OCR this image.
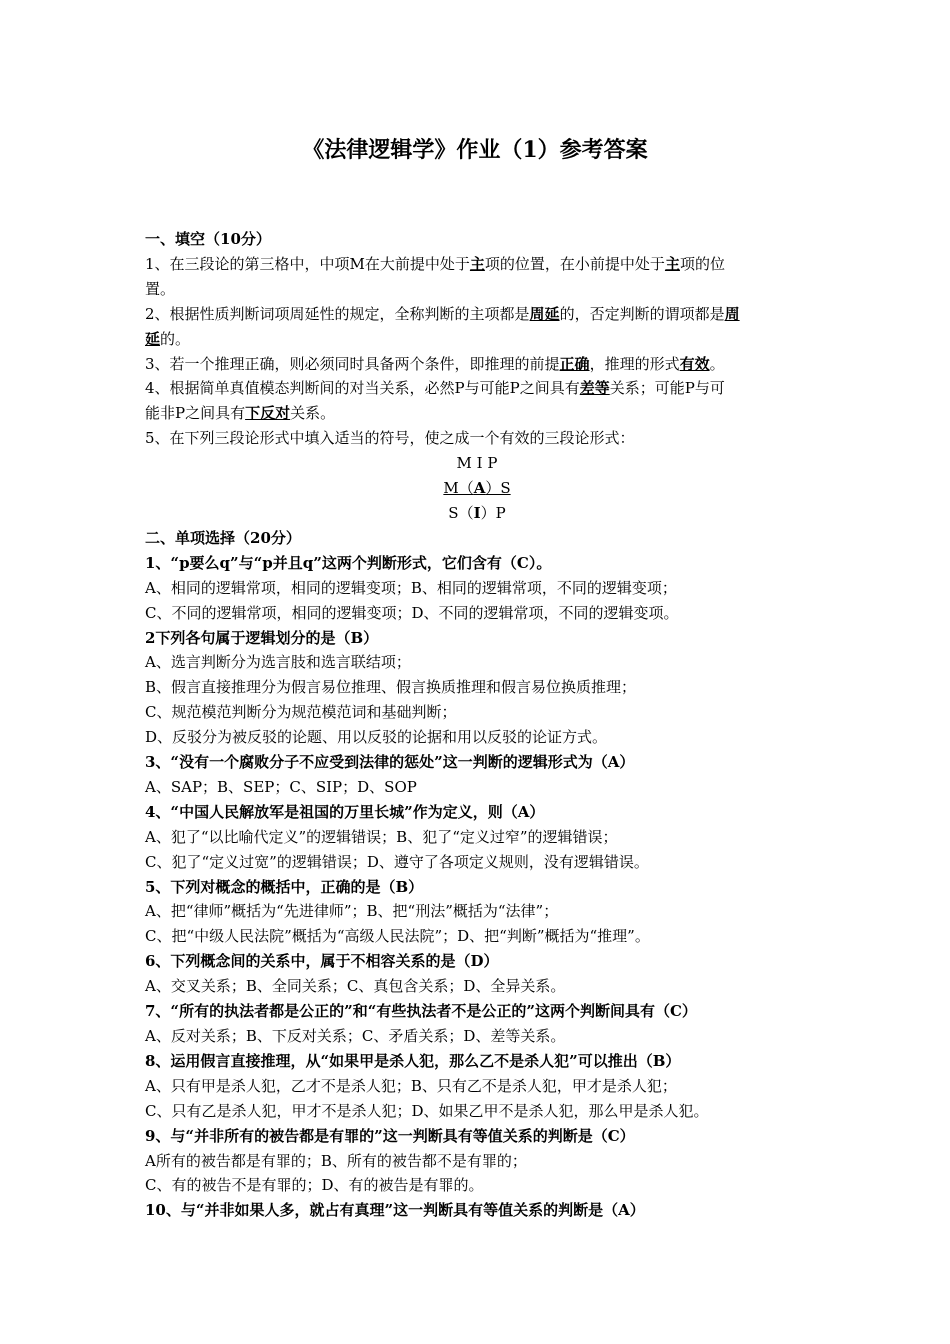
《法律逻辑学》作业（1）参考答案
一、填空（10分）
1、在三段论的第三格中，中项M在大前提中处于主项的位置，在小前提中处于主项的位
置。
2、根据性质判断词项周延性的规定，全称判断的主项都是周延的，否定判断的谓项都是周
延的。
3、若一个推理正确，则必须同时具备两个条件，即推理的前提正确，推理的形式有效。
4、根据简单真值模态判断间的对当关系，必然P与可能P之间具有差等关系；可能P与可
能非P之间具有下反对关系。
5、在下列三段论形式中填入适当的符号，使之成一个有效的三段论形式：
M I P
M（A）S
S（I）P
二、单项选择（20分）
1、“p要么q”与“p并且q”这两个判断形式，它们含有（C）。
A、相同的逻辑常项，相同的逻辑变项；B、相同的逻辑常项，不同的逻辑变项；
C、不同的逻辑常项，相同的逻辑变项；D、不同的逻辑常项，不同的逻辑变项。
2下列各句属于逻辑划分的是（B）
A、选言判断分为选言肢和选言联结项；
B、假言直接推理分为假言易位推理、假言换质推理和假言易位换质推理；
C、规范模范判断分为规范模范词和基础判断；
D、反驳分为被反驳的论题、用以反驳的论据和用以反驳的论证方式。
3、“没有一个腐败分子不应受到法律的惩处”这一判断的逻辑形式为（A）
A、SAP；B、SEP；C、SIP；D、SOP
4、“中国人民解放军是祖国的万里长城”作为定义，则（A）
A、犯了“以比喻代定义”的逻辑错误；B、犯了“定义过窄”的逻辑错误；
C、犯了“定义过宽”的逻辑错误；D、遵守了各项定义规则，没有逻辑错误。
5、下列对概念的概括中，正确的是（B）
A、把“律师”概括为“先进律师”；B、把“刑法”概括为“法律”；
C、把“中级人民法院”概括为“高级人民法院”；D、把“判断”概括为“推理”。
6、下列概念间的关系中，属于不相容关系的是（D）
A、交叉关系；B、全同关系；C、真包含关系；D、全异关系。
7、“所有的执法者都是公正的”和“有些执法者不是公正的”这两个判断间具有（C）
A、反对关系；B、下反对关系；C、矛盾关系；D、差等关系。
8、运用假言直接推理，从“如果甲是杀人犯，那么乙不是杀人犯”可以推出（B）
A、只有甲是杀人犯，乙才不是杀人犯；B、只有乙不是杀人犯，甲才是杀人犯；
C、只有乙是杀人犯，甲才不是杀人犯；D、如果乙甲不是杀人犯，那么甲是杀人犯。
9、与“并非所有的被告都是有罪的”这一判断具有等值关系的判断是（C）
A所有的被告都是有罪的；B、所有的被告都不是有罪的；
C、有的被告不是有罪的；D、有的被告是有罪的。
10、与“并非如果人多，就占有真理”这一判断具有等值关系的判断是（A）
